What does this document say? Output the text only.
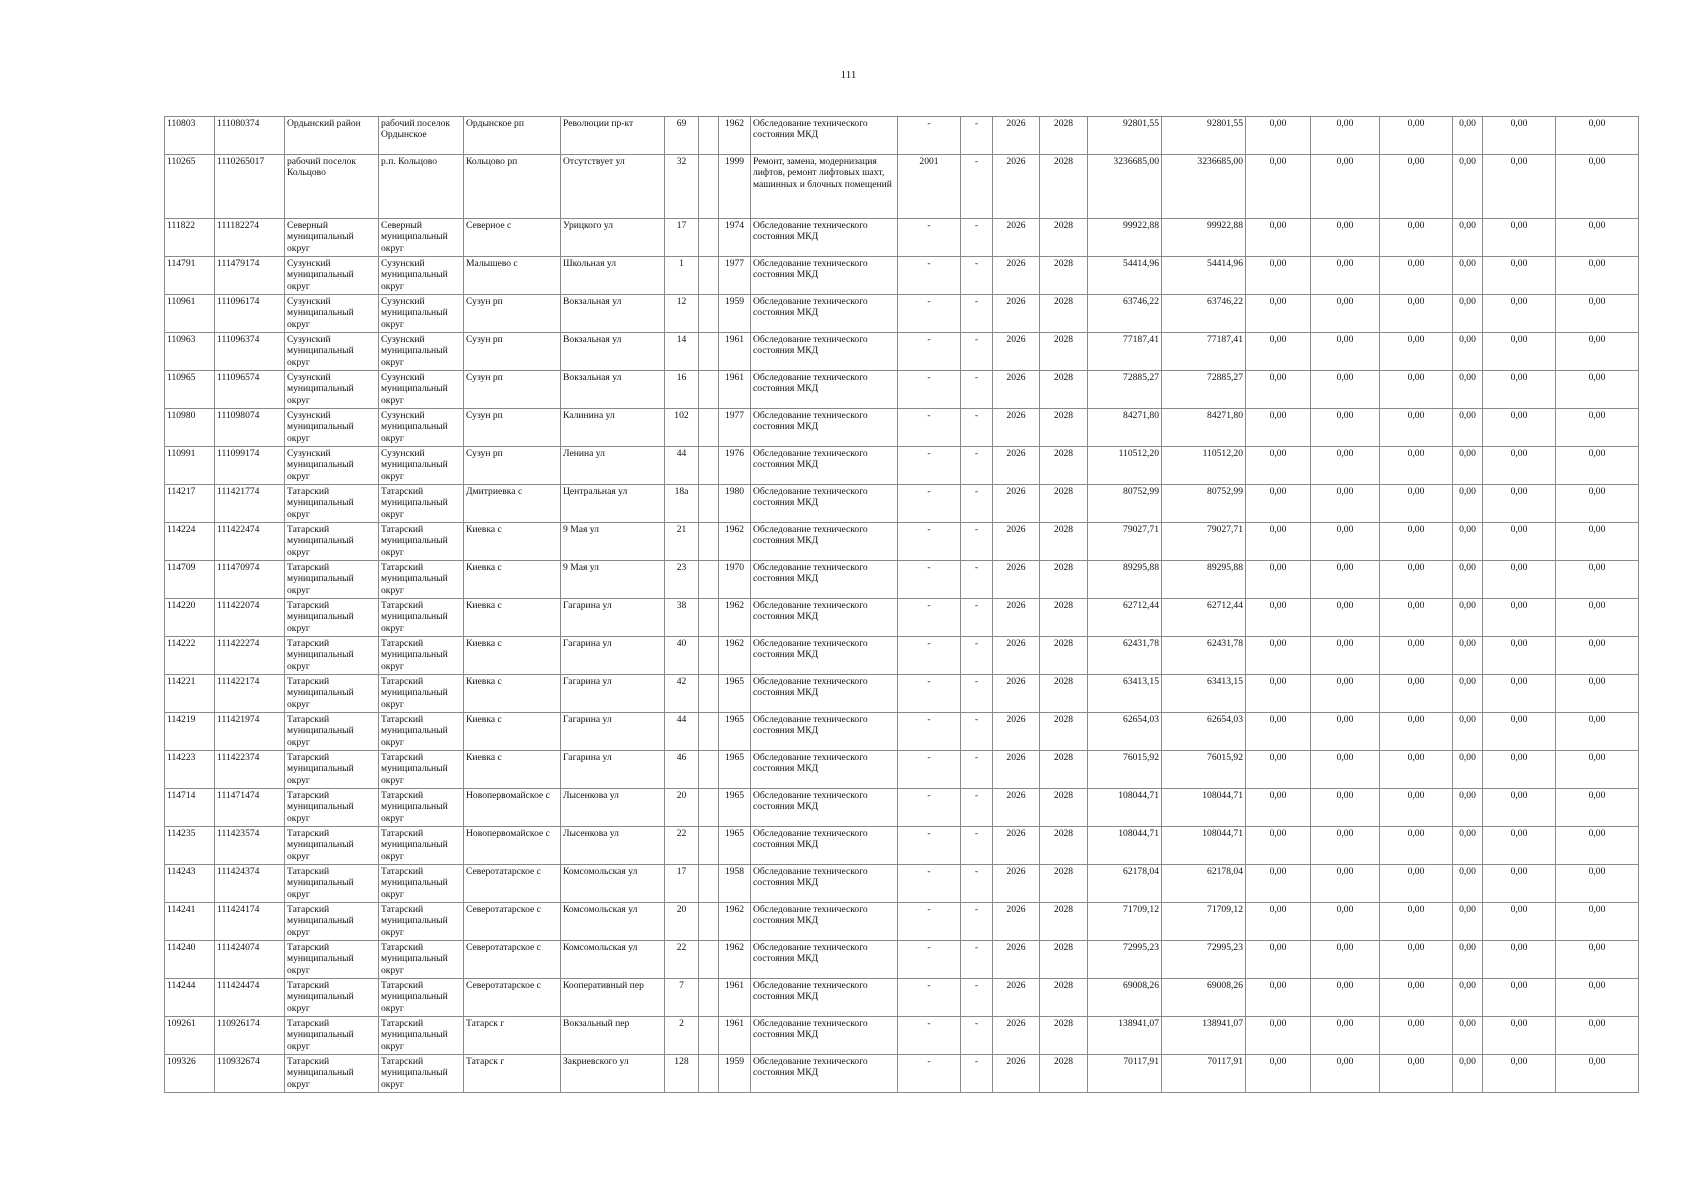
111
110803	111080374	Ордынский район	рабочий поселок Ордынское	Ордынское рп	Революции пр-кт	69		1962	Обследование технического состояния МКД	-	-	2026	2028	92801,55	92801,55	0,00	0,00	0,00	0,00	0,00	0,00
110265	1110265017	рабочий поселок Кольцово	р.п. Кольцово	Кольцово рп	Отсутствует ул	32		1999	Ремонт, замена, модернизация лифтов, ремонт лифтовых шахт, машинных и блочных помещений	2001	-	2026	2028	3236685,00	3236685,00	0,00	0,00	0,00	0,00	0,00	0,00
111822	111182274	Северный муниципальный округ	Северный муниципальный округ	Северное с	Урицкого ул	17		1974	Обследование технического состояния МКД	-	-	2026	2028	99922,88	99922,88	0,00	0,00	0,00	0,00	0,00	0,00
114791	111479174	Сузунский муниципальный округ	Сузунский муниципальный округ	Малышево с	Школьная ул	1		1977	Обследование технического состояния МКД	-	-	2026	2028	54414,96	54414,96	0,00	0,00	0,00	0,00	0,00	0,00
110961	111096174	Сузунский муниципальный округ	Сузунский муниципальный округ	Сузун рп	Вокзальная ул	12		1959	Обследование технического состояния МКД	-	-	2026	2028	63746,22	63746,22	0,00	0,00	0,00	0,00	0,00	0,00
110963	111096374	Сузунский муниципальный округ	Сузунский муниципальный округ	Сузун рп	Вокзальная ул	14		1961	Обследование технического состояния МКД	-	-	2026	2028	77187,41	77187,41	0,00	0,00	0,00	0,00	0,00	0,00
110965	111096574	Сузунский муниципальный округ	Сузунский муниципальный округ	Сузун рп	Вокзальная ул	16		1961	Обследование технического состояния МКД	-	-	2026	2028	72885,27	72885,27	0,00	0,00	0,00	0,00	0,00	0,00
110980	111098074	Сузунский муниципальный округ	Сузунский муниципальный округ	Сузун рп	Калинина ул	102		1977	Обследование технического состояния МКД	-	-	2026	2028	84271,80	84271,80	0,00	0,00	0,00	0,00	0,00	0,00
110991	111099174	Сузунский муниципальный округ	Сузунский муниципальный округ	Сузун рп	Ленина ул	44		1976	Обследование технического состояния МКД	-	-	2026	2028	110512,20	110512,20	0,00	0,00	0,00	0,00	0,00	0,00
114217	111421774	Татарский муниципальный округ	Татарский муниципальный округ	Дмитриевка с	Центральная ул	18а		1980	Обследование технического состояния МКД	-	-	2026	2028	80752,99	80752,99	0,00	0,00	0,00	0,00	0,00	0,00
114224	111422474	Татарский муниципальный округ	Татарский муниципальный округ	Киевка с	9 Мая ул	21		1962	Обследование технического состояния МКД	-	-	2026	2028	79027,71	79027,71	0,00	0,00	0,00	0,00	0,00	0,00
114709	111470974	Татарский муниципальный округ	Татарский муниципальный округ	Киевка с	9 Мая ул	23		1970	Обследование технического состояния МКД	-	-	2026	2028	89295,88	89295,88	0,00	0,00	0,00	0,00	0,00	0,00
114220	111422074	Татарский муниципальный округ	Татарский муниципальный округ	Киевка с	Гагарина ул	38		1962	Обследование технического состояния МКД	-	-	2026	2028	62712,44	62712,44	0,00	0,00	0,00	0,00	0,00	0,00
114222	111422274	Татарский муниципальный округ	Татарский муниципальный округ	Киевка с	Гагарина ул	40		1962	Обследование технического состояния МКД	-	-	2026	2028	62431,78	62431,78	0,00	0,00	0,00	0,00	0,00	0,00
114221	111422174	Татарский муниципальный округ	Татарский муниципальный округ	Киевка с	Гагарина ул	42		1965	Обследование технического состояния МКД	-	-	2026	2028	63413,15	63413,15	0,00	0,00	0,00	0,00	0,00	0,00
114219	111421974	Татарский муниципальный округ	Татарский муниципальный округ	Киевка с	Гагарина ул	44		1965	Обследование технического состояния МКД	-	-	2026	2028	62654,03	62654,03	0,00	0,00	0,00	0,00	0,00	0,00
114223	111422374	Татарский муниципальный округ	Татарский муниципальный округ	Киевка с	Гагарина ул	46		1965	Обследование технического состояния МКД	-	-	2026	2028	76015,92	76015,92	0,00	0,00	0,00	0,00	0,00	0,00
114714	111471474	Татарский муниципальный округ	Татарский муниципальный округ	Новопервомайское с	Лысенкова ул	20		1965	Обследование технического состояния МКД	-	-	2026	2028	108044,71	108044,71	0,00	0,00	0,00	0,00	0,00	0,00
114235	111423574	Татарский муниципальный округ	Татарский муниципальный округ	Новопервомайское с	Лысенкова ул	22		1965	Обследование технического состояния МКД	-	-	2026	2028	108044,71	108044,71	0,00	0,00	0,00	0,00	0,00	0,00
114243	111424374	Татарский муниципальный округ	Татарский муниципальный округ	Северотатарское с	Комсомольская ул	17		1958	Обследование технического состояния МКД	-	-	2026	2028	62178,04	62178,04	0,00	0,00	0,00	0,00	0,00	0,00
114241	111424174	Татарский муниципальный округ	Татарский муниципальный округ	Северотатарское с	Комсомольская ул	20		1962	Обследование технического состояния МКД	-	-	2026	2028	71709,12	71709,12	0,00	0,00	0,00	0,00	0,00	0,00
114240	111424074	Татарский муниципальный округ	Татарский муниципальный округ	Северотатарское с	Комсомольская ул	22		1962	Обследование технического состояния МКД	-	-	2026	2028	72995,23	72995,23	0,00	0,00	0,00	0,00	0,00	0,00
114244	111424474	Татарский муниципальный округ	Татарский муниципальный округ	Северотатарское с	Кооперативный пер	7		1961	Обследование технического состояния МКД	-	-	2026	2028	69008,26	69008,26	0,00	0,00	0,00	0,00	0,00	0,00
109261	110926174	Татарский муниципальный округ	Татарский муниципальный округ	Татарск г	Вокзальный пер	2		1961	Обследование технического состояния МКД	-	-	2026	2028	138941,07	138941,07	0,00	0,00	0,00	0,00	0,00	0,00
109326	110932674	Татарский муниципальный округ	Татарский муниципальный округ	Татарск г	Закриевского ул	128		1959	Обследование технического состояния МКД	-	-	2026	2028	70117,91	70117,91	0,00	0,00	0,00	0,00	0,00	0,00
